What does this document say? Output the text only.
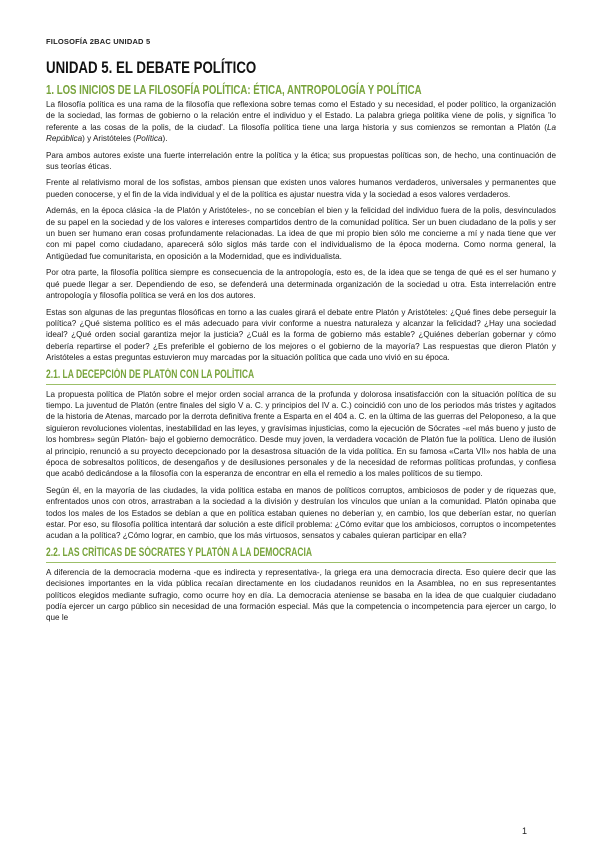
FILOSOFÍA 2BAC UNIDAD 5
UNIDAD 5. EL DEBATE POLÍTICO
1. LOS INICIOS DE LA FILOSOFÍA POLÍTICA: ÉTICA, ANTROPOLOGÍA Y POLÍTICA

La filosofía política es una rama de la filosofía que reflexiona sobre temas como el Estado y su necesidad, el poder político, la organización de la sociedad, las formas de gobierno o la relación entre el individuo y el Estado. La palabra griega politika viene de polis, y significa 'lo referente a las cosas de la polis, de la ciudad'. La filosofía política tiene una larga historia y sus comienzos se remontan a Platón (La República) y Aristóteles (Política).

Para ambos autores existe una fuerte interrelación entre la política y la ética; sus propuestas políticas son, de hecho, una continuación de sus teorías éticas.

Frente al relativismo moral de los sofistas, ambos piensan que existen unos valores humanos verdaderos, universales y permanentes que pueden conocerse, y el fin de la vida individual y el de la política es ajustar nuestra vida y la sociedad a esos valores verdaderos.

Además, en la época clásica -la de Platón y Aristóteles-, no se concebían el bien y la felicidad del individuo fuera de la polis, desvinculados de su papel en la sociedad y de los valores e intereses compartidos dentro de la comunidad política. Ser un buen ciudadano de la polis y ser un buen ser humano eran cosas profundamente relacionadas. La idea de que mi propio bien sólo me concierne a mí y nada tiene que ver con mi papel como ciudadano, aparecerá sólo siglos más tarde con el individualismo de la época moderna. Como norma general, la Antigüedad fue comunitarista, en oposición a la Modernidad, que es individualista.

Por otra parte, la filosofía política siempre es consecuencia de la antropología, esto es, de la idea que se tenga de qué es el ser humano y qué puede llegar a ser. Dependiendo de eso, se defenderá una determinada organización de la sociedad u otra. Esta interrelación entre antropología y filosofía política se verá en los dos autores.

Estas son algunas de las preguntas filosóficas en torno a las cuales girará el debate entre Platón y Aristóteles: ¿Qué fines debe perseguir la política? ¿Qué sistema político es el más adecuado para vivir conforme a nuestra naturaleza y alcanzar la felicidad? ¿Hay una sociedad ideal? ¿Qué orden social garantiza mejor la justicia? ¿Cuál es la forma de gobierno más estable? ¿Quiénes deberían gobernar y cómo debería repartirse el poder? ¿Es preferible el gobierno de los mejores o el gobierno de la mayoría? Las respuestas que dieron Platón y Aristóteles a estas preguntas estuvieron muy marcadas por la situación política que cada uno vivió en su época.

2.1. LA DECEPCIÓN DE PLATÓN CON LA POLÍTICA

La propuesta política de Platón sobre el mejor orden social arranca de la profunda y dolorosa insatisfacción con la situación política de su tiempo. La juventud de Platón (entre finales del siglo V a. C. y principios del IV a. C.) coincidió con uno de los periodos más tristes y agitados de la historia de Atenas, marcado por la derrota definitiva frente a Esparta en el 404 a. C. en la última de las guerras del Peloponeso, a la que siguieron revoluciones violentas, inestabilidad en las leyes, y gravísimas injusticias, como la ejecución de Sócrates -«el más bueno y justo de los hombres» según Platón- bajo el gobierno democrático. Desde muy joven, la verdadera vocación de Platón fue la política. Lleno de ilusión al principio, renunció a su proyecto decepcionado por la desastrosa situación de la vida política. En su famosa «Carta VII» nos habla de una época de sobresaltos políticos, de desengaños y de desilusiones personales y de la necesidad de reformas políticas profundas, y confiesa que acabó dedicándose a la filosofía con la esperanza de encontrar en ella el remedio a los males políticos de su tiempo.

Según él, en la mayoría de las ciudades, la vida política estaba en manos de políticos corruptos, ambiciosos de poder y de riquezas que, enfrentados unos con otros, arrastraban a la sociedad a la división y destruían los vínculos que unían a la comunidad. Platón opinaba que todos los males de los Estados se debían a que en política estaban quienes no deberían y, en cambio, los que deberían estar, no querían estar. Por eso, su filosofía política intentará dar solución a este difícil problema: ¿Cómo evitar que los ambiciosos, corruptos o incompetentes acudan a la política? ¿Cómo lograr, en cambio, que los más virtuosos, sensatos y cabales quieran participar en ella?

2.2. LAS CRÍTICAS DE SÓCRATES Y PLATÓN A LA DEMOCRACIA

A diferencia de la democracia moderna -que es indirecta y representativa-, la griega era una democracia directa. Eso quiere decir que las decisiones importantes en la vida pública recaían directamente en los ciudadanos reunidos en la Asamblea, no en sus representantes políticos elegidos mediante sufragio, como ocurre hoy en día. La democracia ateniense se basaba en la idea de que cualquier ciudadano podía ejercer un cargo público sin necesidad de una formación especial. Más que la competencia o incompetencia para ejercer un cargo, lo que le

1
